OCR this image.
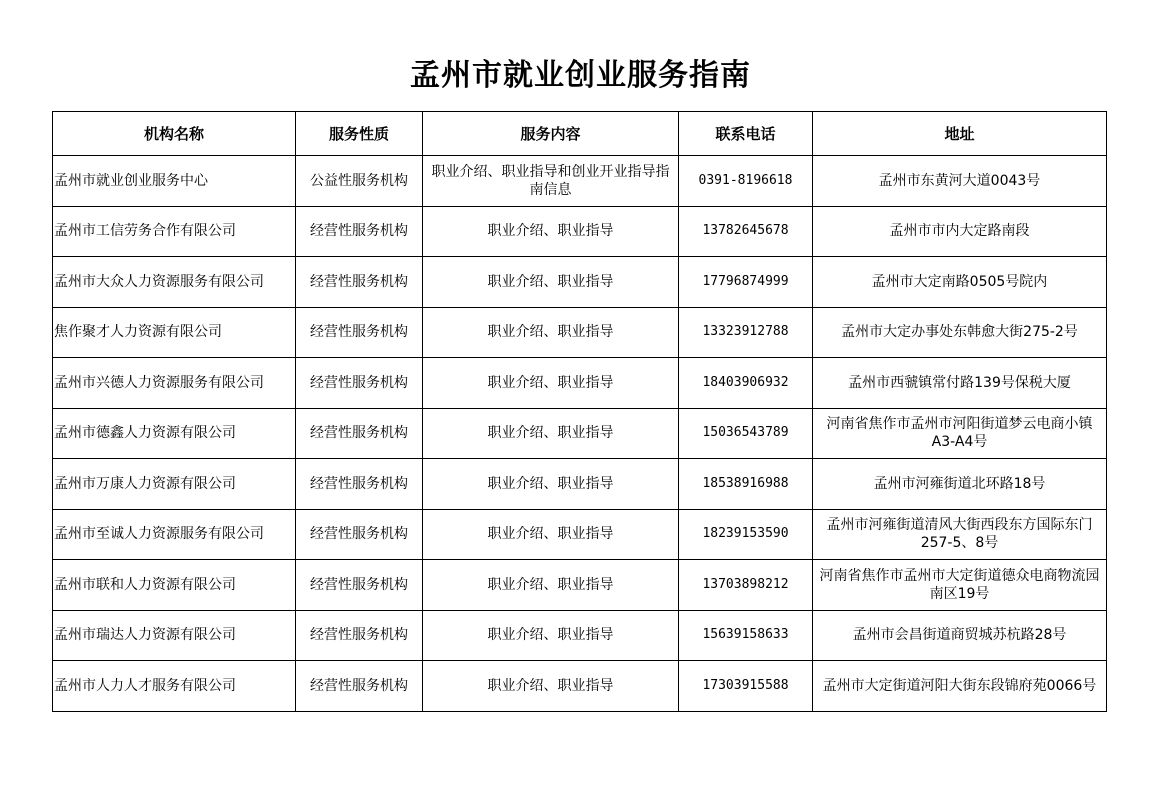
孟州市就业创业服务指南
机构名称	服务性质	服务内容	联系电话	地址
孟州市就业创业服务中心	公益性服务机构	职业介绍、职业指导和创业开业指导指南信息	0391-8196618	孟州市东黄河大道0043号
孟州市工信劳务合作有限公司	经营性服务机构	职业介绍、职业指导	13782645678	孟州市市内大定路南段
孟州市大众人力资源服务有限公司	经营性服务机构	职业介绍、职业指导	17796874999	孟州市大定南路0505号院内
焦作聚才人力资源有限公司	经营性服务机构	职业介绍、职业指导	13323912788	孟州市大定办事处东韩愈大街275-2号
孟州市兴德人力资源服务有限公司	经营性服务机构	职业介绍、职业指导	18403906932	孟州市西虢镇常付路139号保税大厦
孟州市德鑫人力资源有限公司	经营性服务机构	职业介绍、职业指导	15036543789	河南省焦作市孟州市河阳街道梦云电商小镇A3-A4号
孟州市万康人力资源有限公司	经营性服务机构	职业介绍、职业指导	18538916988	孟州市河雍街道北环路18号
孟州市至诚人力资源服务有限公司	经营性服务机构	职业介绍、职业指导	18239153590	孟州市河雍街道清风大街西段东方国际东门257-5、8号
孟州市联和人力资源有限公司	经营性服务机构	职业介绍、职业指导	13703898212	河南省焦作市孟州市大定街道德众电商物流园南区19号
孟州市瑞达人力资源有限公司	经营性服务机构	职业介绍、职业指导	15639158633	孟州市会昌街道商贸城苏杭路28号
孟州市人力人才服务有限公司	经营性服务机构	职业介绍、职业指导	17303915588	孟州市大定街道河阳大街东段锦府苑0066号
